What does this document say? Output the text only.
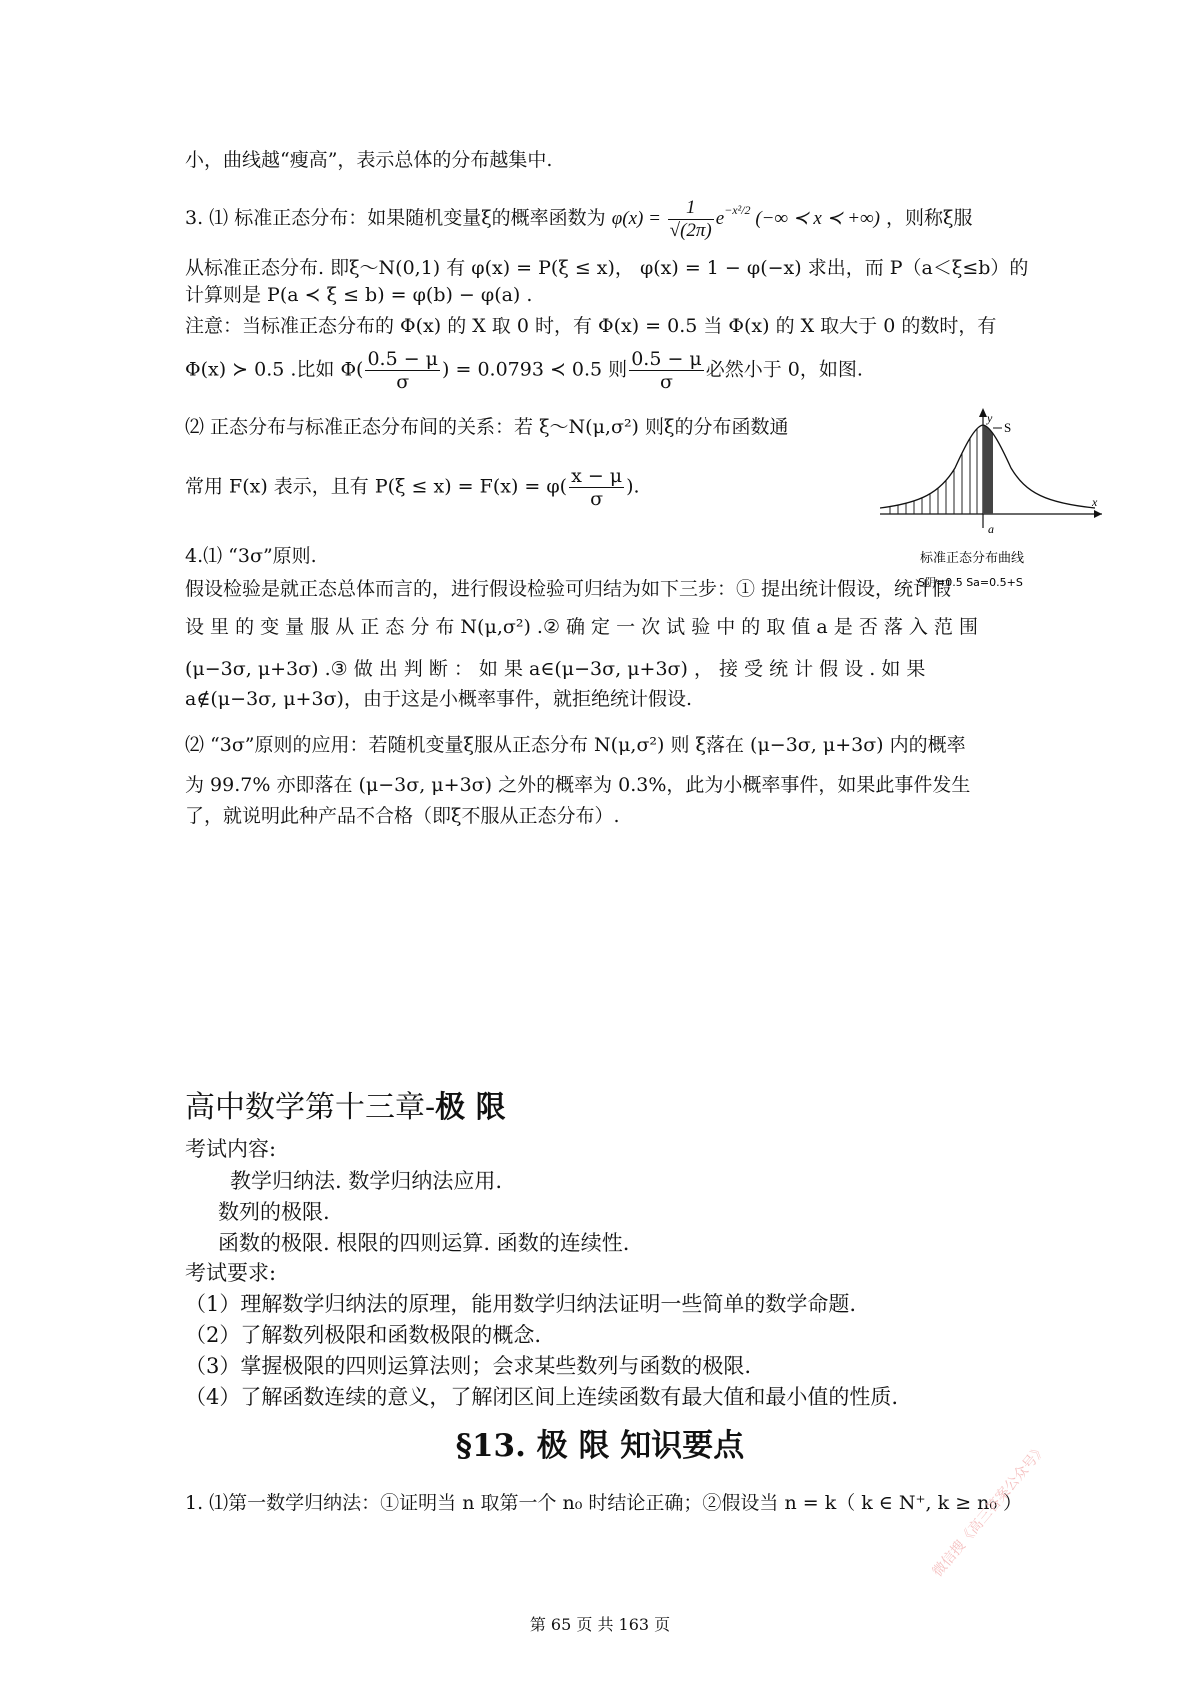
小，曲线越“瘦高”，表示总体的分布越集中.
3. ⑴ 标准正态分布：如果随机变量ξ的概率函数为 $\varphi(x) = \frac{1}{√(2\pi)} e^{-x^2/2}$ (−∞ ≺ x ≺ +∞) ，则称ξ服
从标准正态分布. 即ξ～N(0,1) 有 φ(x) = P(ξ ≤ x)， φ(x) = 1 − φ(−x) 求出，而 P（a＜ξ≤b）的
计算则是 P(a ≺ ξ ≤ b) = φ(b) − φ(a) .
注意：当标准正态分布的 Φ(x) 的 X 取 0 时，有 Φ(x) = 0.5 当 Φ(x) 的 X 取大于 0 的数时，有
Φ(x) ≻ 0.5 .比如 $\Phi( \frac{0.5 - \mu}{\sigma}$ ) = 0.0793 ≺ 0.5 则 $\frac{0.5 - \mu}{\sigma}$ 必然小于 0，如图.
⑵ 正态分布与标准正态分布间的关系：若 ξ～N(μ,σ²) 则ξ的分布函数通
常用 F(x) 表示，且有 $P(\xi \le x) = F(x) = \varphi( \frac{x - \mu}{\sigma}$ ).
y
x
S
a
标准正态分布曲线
S阴=0.5 Sa=0.5+S
4.⑴ “3σ”原则.
假设检验是就正态总体而言的，进行假设检验可归结为如下三步：① 提出统计假设，统计假
设 里 的 变 量 服 从 正 态 分 布 N(μ,σ²) .② 确 定 一 次 试 验 中 的 取 值 a 是 否 落 入 范 围
(μ−3σ, μ+3σ) .③ 做 出 判 断 ： 如 果 a∈(μ−3σ, μ+3σ) ， 接 受 统 计 假 设 . 如 果
a∉(μ−3σ, μ+3σ)，由于这是小概率事件，就拒绝统计假设.
⑵ “3σ”原则的应用：若随机变量ξ服从正态分布 N(μ,σ²) 则 ξ落在 (μ−3σ, μ+3σ) 内的概率
为 99.7% 亦即落在 (μ−3σ, μ+3σ) 之外的概率为 0.3%，此为小概率事件，如果此事件发生
了，就说明此种产品不合格（即ξ不服从正态分布）.
高中数学第十三章-极 限
考试内容:
教学归纳法. 数学归纳法应用.
数列的极限.
函数的极限. 根限的四则运算. 函数的连续性.
考试要求:
（1）理解数学归纳法的原理，能用数学归纳法证明一些简单的数学命题.
（2）了解数列极限和函数极限的概念.
（3）掌握极限的四则运算法则；会求某些数列与函数的极限.
（4）了解函数连续的意义，了解闭区间上连续函数有最大值和最小值的性质.
§13. 极 限 知识要点
1. ⑴第一数学归纳法：①证明当 n 取第一个 n₀ 时结论正确；②假设当 n = k（ k ∈ N⁺, k ≥ n₀ ）
第 65 页 共 163 页
微信搜《高三答案公众号》
